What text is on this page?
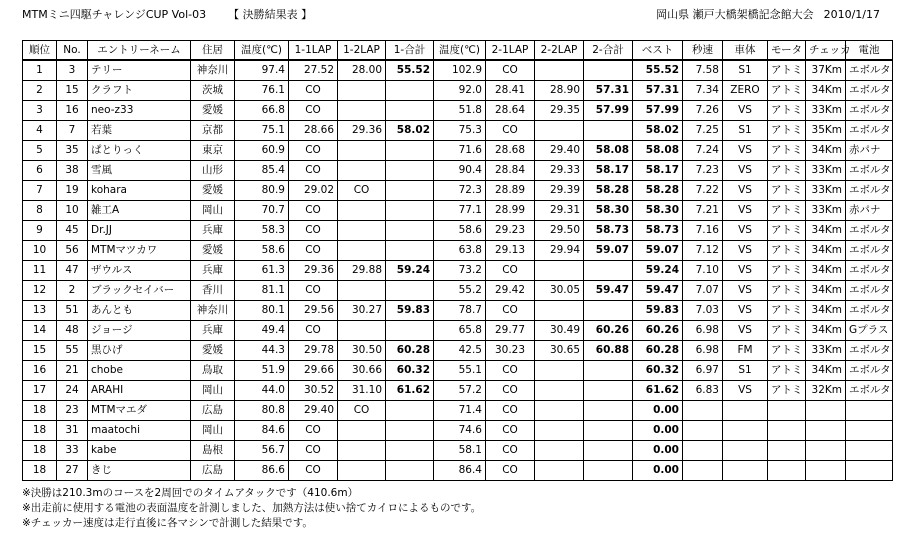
MTMミニ四駆チャレンジCUP Vol-03 【 決勝結果表 】	岡山県 瀬戸大橋架橋記念館大会 2010/1/17
順位	No.	エントリーネーム	住居	温度(℃)	1-1LAP	1-2LAP	1-合計	温度(℃)	2-1LAP	2-2LAP	2-合計	ベスト	秒速	車体	モータ	チェッカ	電池
1	3	テリー	神奈川	97.4	27.52	28.00	55.52	102.9	CO			55.52	7.58	S1	アトミ	37Km	エボルタ
2	15	クラフト	茨城	76.1	CO			92.0	28.41	28.90	57.31	57.31	7.34	ZERO	アトミ	34Km	エボルタ
3	16	neo-z33	愛媛	66.8	CO			51.8	28.64	29.35	57.99	57.99	7.26	VS	アトミ	33Km	エボルタ
4	7	若葉	京都	75.1	28.66	29.36	58.02	75.3	CO			58.02	7.25	S1	アトミ	35Km	エボルタ
5	35	ぱとりっく	東京	60.9	CO			71.6	28.68	29.40	58.08	58.08	7.24	VS	アトミ	34Km	赤パナ
6	38	雪風	山形	85.4	CO			90.4	28.84	29.33	58.17	58.17	7.23	VS	アトミ	33Km	エボルタ
7	19	kohara	愛媛	80.9	29.02	CO		72.3	28.89	29.39	58.28	58.28	7.22	VS	アトミ	33Km	エボルタ
8	10	雑工A	岡山	70.7	CO			77.1	28.99	29.31	58.30	58.30	7.21	VS	アトミ	33Km	赤パナ
9	45	Dr.JJ	兵庫	58.3	CO			58.6	29.23	29.50	58.73	58.73	7.16	VS	アトミ	34Km	エボルタ
10	56	MTMマツカワ	愛媛	58.6	CO			63.8	29.13	29.94	59.07	59.07	7.12	VS	アトミ	34Km	エボルタ
11	47	ザウルス	兵庫	61.3	29.36	29.88	59.24	73.2	CO			59.24	7.10	VS	アトミ	34Km	エボルタ
12	2	ブラックセイバー	香川	81.1	CO			55.2	29.42	30.05	59.47	59.47	7.07	VS	アトミ	34Km	エボルタ
13	51	あんとも	神奈川	80.1	29.56	30.27	59.83	78.7	CO			59.83	7.03	VS	アトミ	34Km	エボルタ
14	48	ジョージ	兵庫	49.4	CO			65.8	29.77	30.49	60.26	60.26	6.98	VS	アトミ	34Km	Gプラス
15	55	黒ひげ	愛媛	44.3	29.78	30.50	60.28	42.5	30.23	30.65	60.88	60.28	6.98	FM	アトミ	33Km	エボルタ
16	21	chobe	鳥取	51.9	29.66	30.66	60.32	55.1	CO			60.32	6.97	S1	アトミ	34Km	エボルタ
17	24	ARAHI	岡山	44.0	30.52	31.10	61.62	57.2	CO			61.62	6.83	VS	アトミ	32Km	エボルタ
18	23	MTMマエダ	広島	80.8	29.40	CO		71.4	CO			0.00					
18	31	maatochi	岡山	84.6	CO			74.6	CO			0.00					
18	33	kabe	島根	56.7	CO			58.1	CO			0.00					
18	27	きじ	広島	86.6	CO			86.4	CO			0.00					
※決勝は210.3mのコースを2周回でのタイムアタックです（410.6m）
※出走前に使用する電池の表面温度を計測しました、加熱方法は使い捨てカイロによるものです。
※チェッカー速度は走行直後に各マシンで計測した結果です。
